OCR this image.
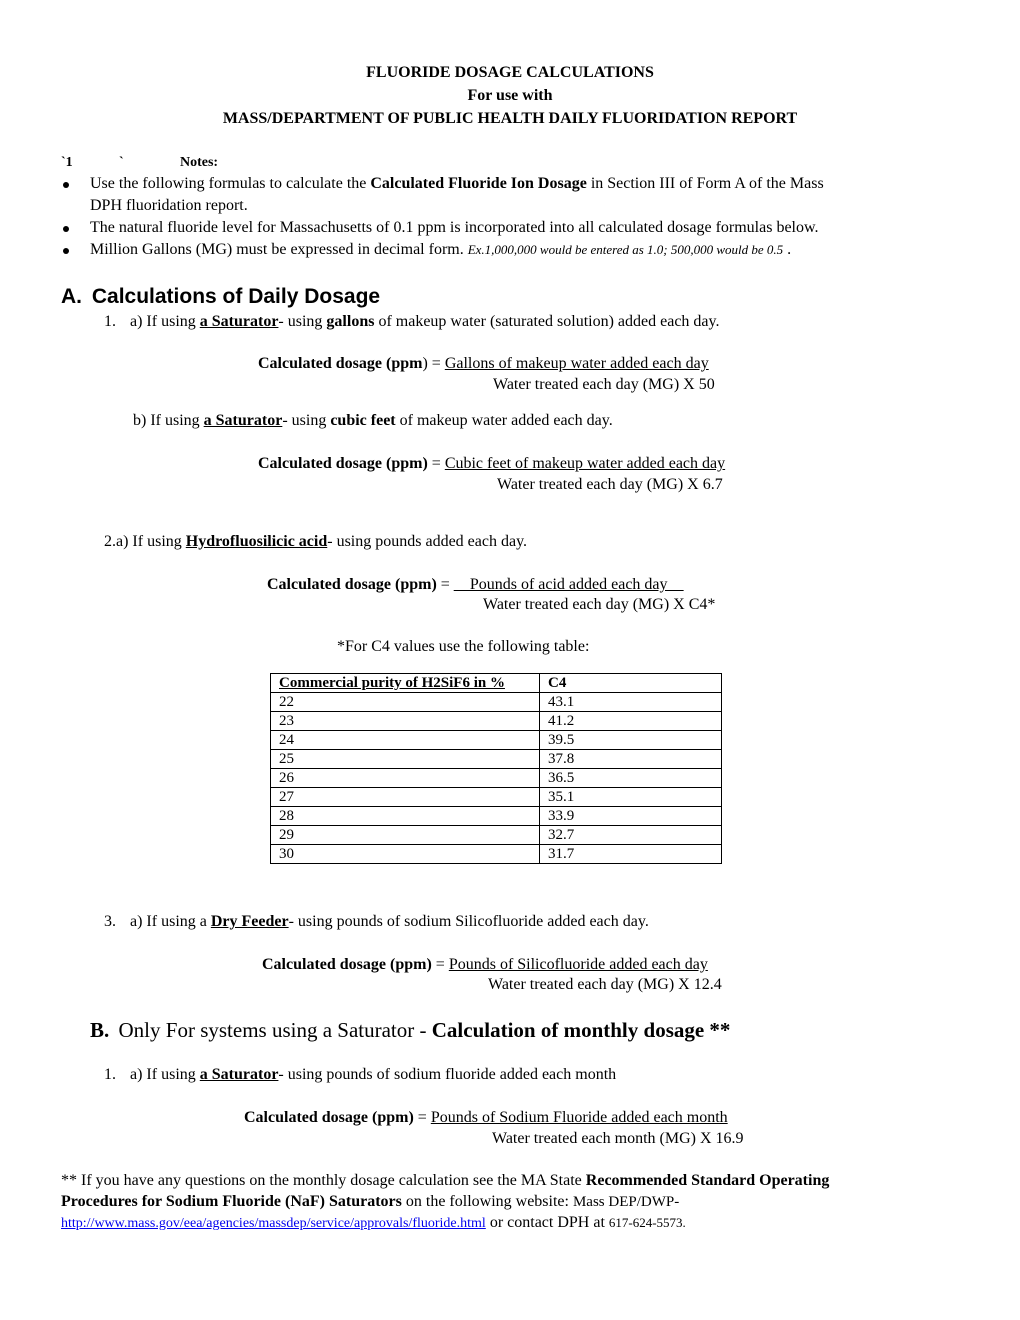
FLUORIDE DOSAGE CALCULATIONS
For use with
MASS/DEPARTMENT OF PUBLIC HEALTH DAILY FLUORIDATION REPORT
`1	`	Notes:
Use the following formulas to calculate the Calculated Fluoride Ion Dosage in Section III of Form A of the Mass
DPH fluoridation report.
The natural fluoride level for Massachusetts of 0.1 ppm is incorporated into all calculated dosage formulas below.
Million Gallons (MG) must be expressed in decimal form. Ex.1,000,000 would be entered as 1.0; 500,000 would be 0.5 .
A. Calculations of Daily Dosage
1. a) If using a Saturator- using gallons of makeup water (saturated solution) added each day.
Calculated dosage (ppm) = Gallons of makeup water added each day
Water treated each day (MG) X 50
b) If using a Saturator- using cubic feet of makeup water added each day.
Calculated dosage (ppm) = Cubic feet of makeup water added each day
Water treated each day (MG) X 6.7
2.a) If using Hydrofluosilicic acid- using pounds added each day.
Calculated dosage (ppm) = __Pounds of acid added each day__
Water treated each day (MG) X C4*
*For C4 values use the following table:
Commercial purity of H2SiF6 in %	C4
22	43.1
23	41.2
24	39.5
25	37.8
26	36.5
27	35.1
28	33.9
29	32.7
30	31.7
3. a) If using a Dry Feeder- using pounds of sodium Silicofluoride added each day.
Calculated dosage (ppm) = Pounds of Silicofluoride added each day
Water treated each day (MG) X 12.4
B. Only For systems using a Saturator - Calculation of monthly dosage **
1. a) If using a Saturator- using pounds of sodium fluoride added each month
Calculated dosage (ppm) = Pounds of Sodium Fluoride added each month
Water treated each month (MG) X 16.9
** If you have any questions on the monthly dosage calculation see the MA State Recommended Standard Operating
Procedures for Sodium Fluoride (NaF) Saturators on the following website: Mass DEP/DWP-
http://www.mass.gov/eea/agencies/massdep/service/approvals/fluoride.html or contact DPH at 617-624-5573.
